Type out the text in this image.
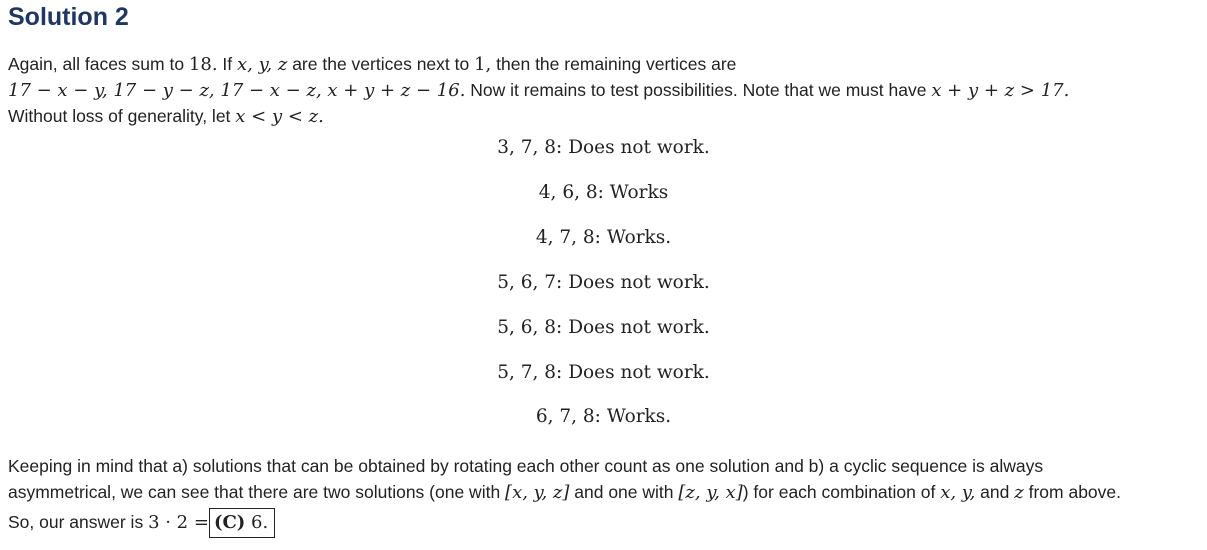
Solution 2
Again, all faces sum to 18. If x, y, z are the vertices next to 1, then the remaining vertices are
17 − x − y, 17 − y − z, 17 − x − z, x + y + z − 16. Now it remains to test possibilities. Note that we must have x + y + z > 17.
Without loss of generality, let x < y < z.
3, 7, 8: Does not work.
4, 6, 8: Works
4, 7, 8: Works.
5, 6, 7: Does not work.
5, 6, 8: Does not work.
5, 7, 8: Does not work.
6, 7, 8: Works.
Keeping in mind that a) solutions that can be obtained by rotating each other count as one solution and b) a cyclic sequence is always
asymmetrical, we can see that there are two solutions (one with [x, y, z] and one with [z, y, x]) for each combination of x, y, and z from above.
So, our answer is 3 · 2 = (C) 6.
